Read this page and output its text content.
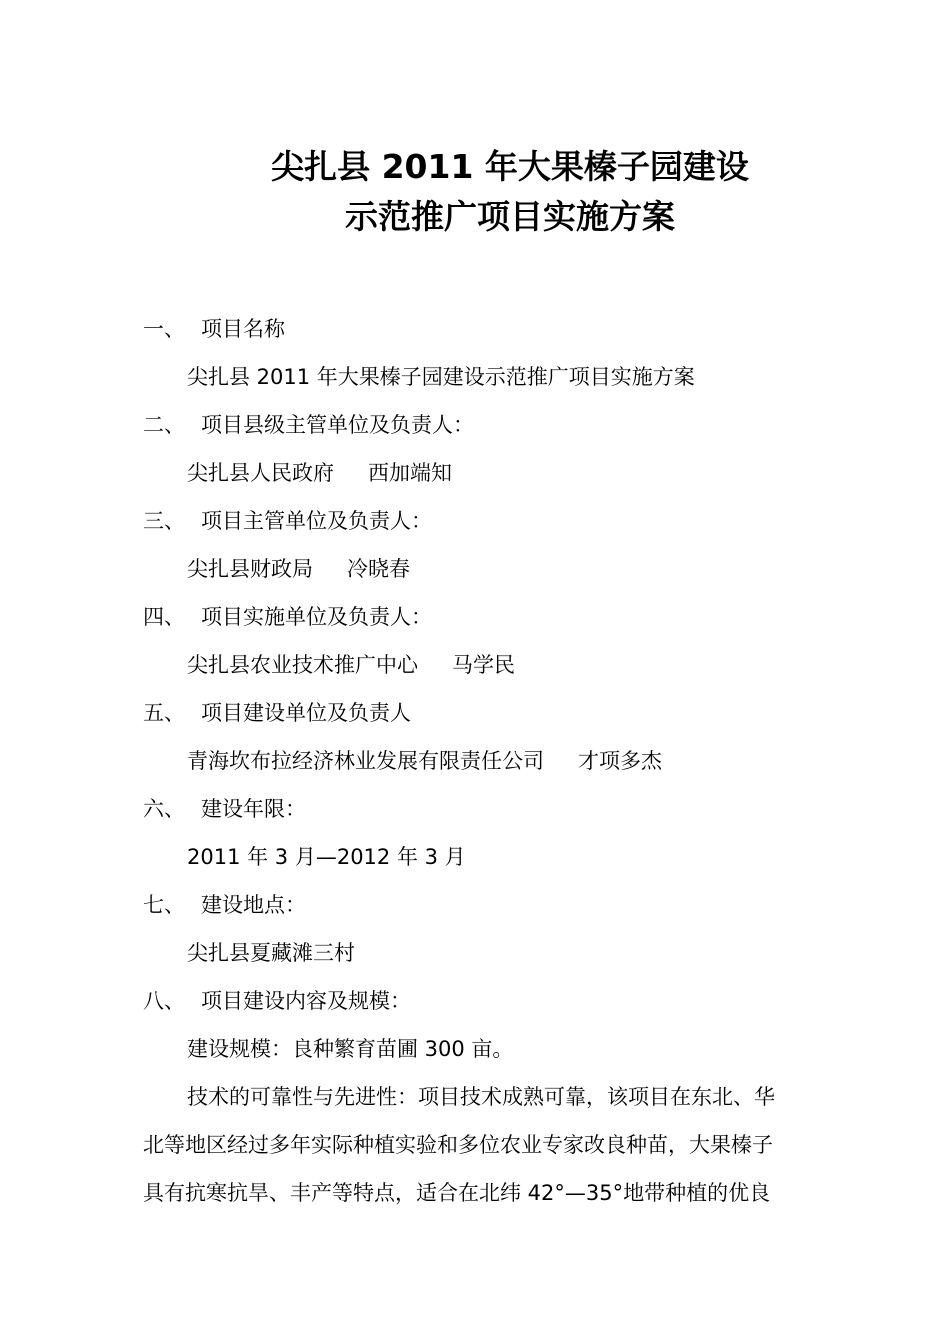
尖扎县 2011 年大果榛子园建设
示范推广项目实施方案
一、 项目名称
尖扎县 2011 年大果榛子园建设示范推广项目实施方案
二、 项目县级主管单位及负责人：
尖扎县人民政府 西加端知
三、 项目主管单位及负责人：
尖扎县财政局 冷晓春
四、 项目实施单位及负责人：
尖扎县农业技术推广中心 马学民
五、 项目建设单位及负责人
青海坎布拉经济林业发展有限责任公司 才项多杰
六、 建设年限：
2011 年 3 月—2012 年 3 月
七、 建设地点：
尖扎县夏藏滩三村
八、 项目建设内容及规模：
建设规模：良种繁育苗圃 300 亩。
技术的可靠性与先进性：项目技术成熟可靠，该项目在东北、华
北等地区经过多年实际种植实验和多位农业专家改良种苗，大果榛子
具有抗寒抗旱、丰产等特点，适合在北纬 42°—35°地带种植的优良
